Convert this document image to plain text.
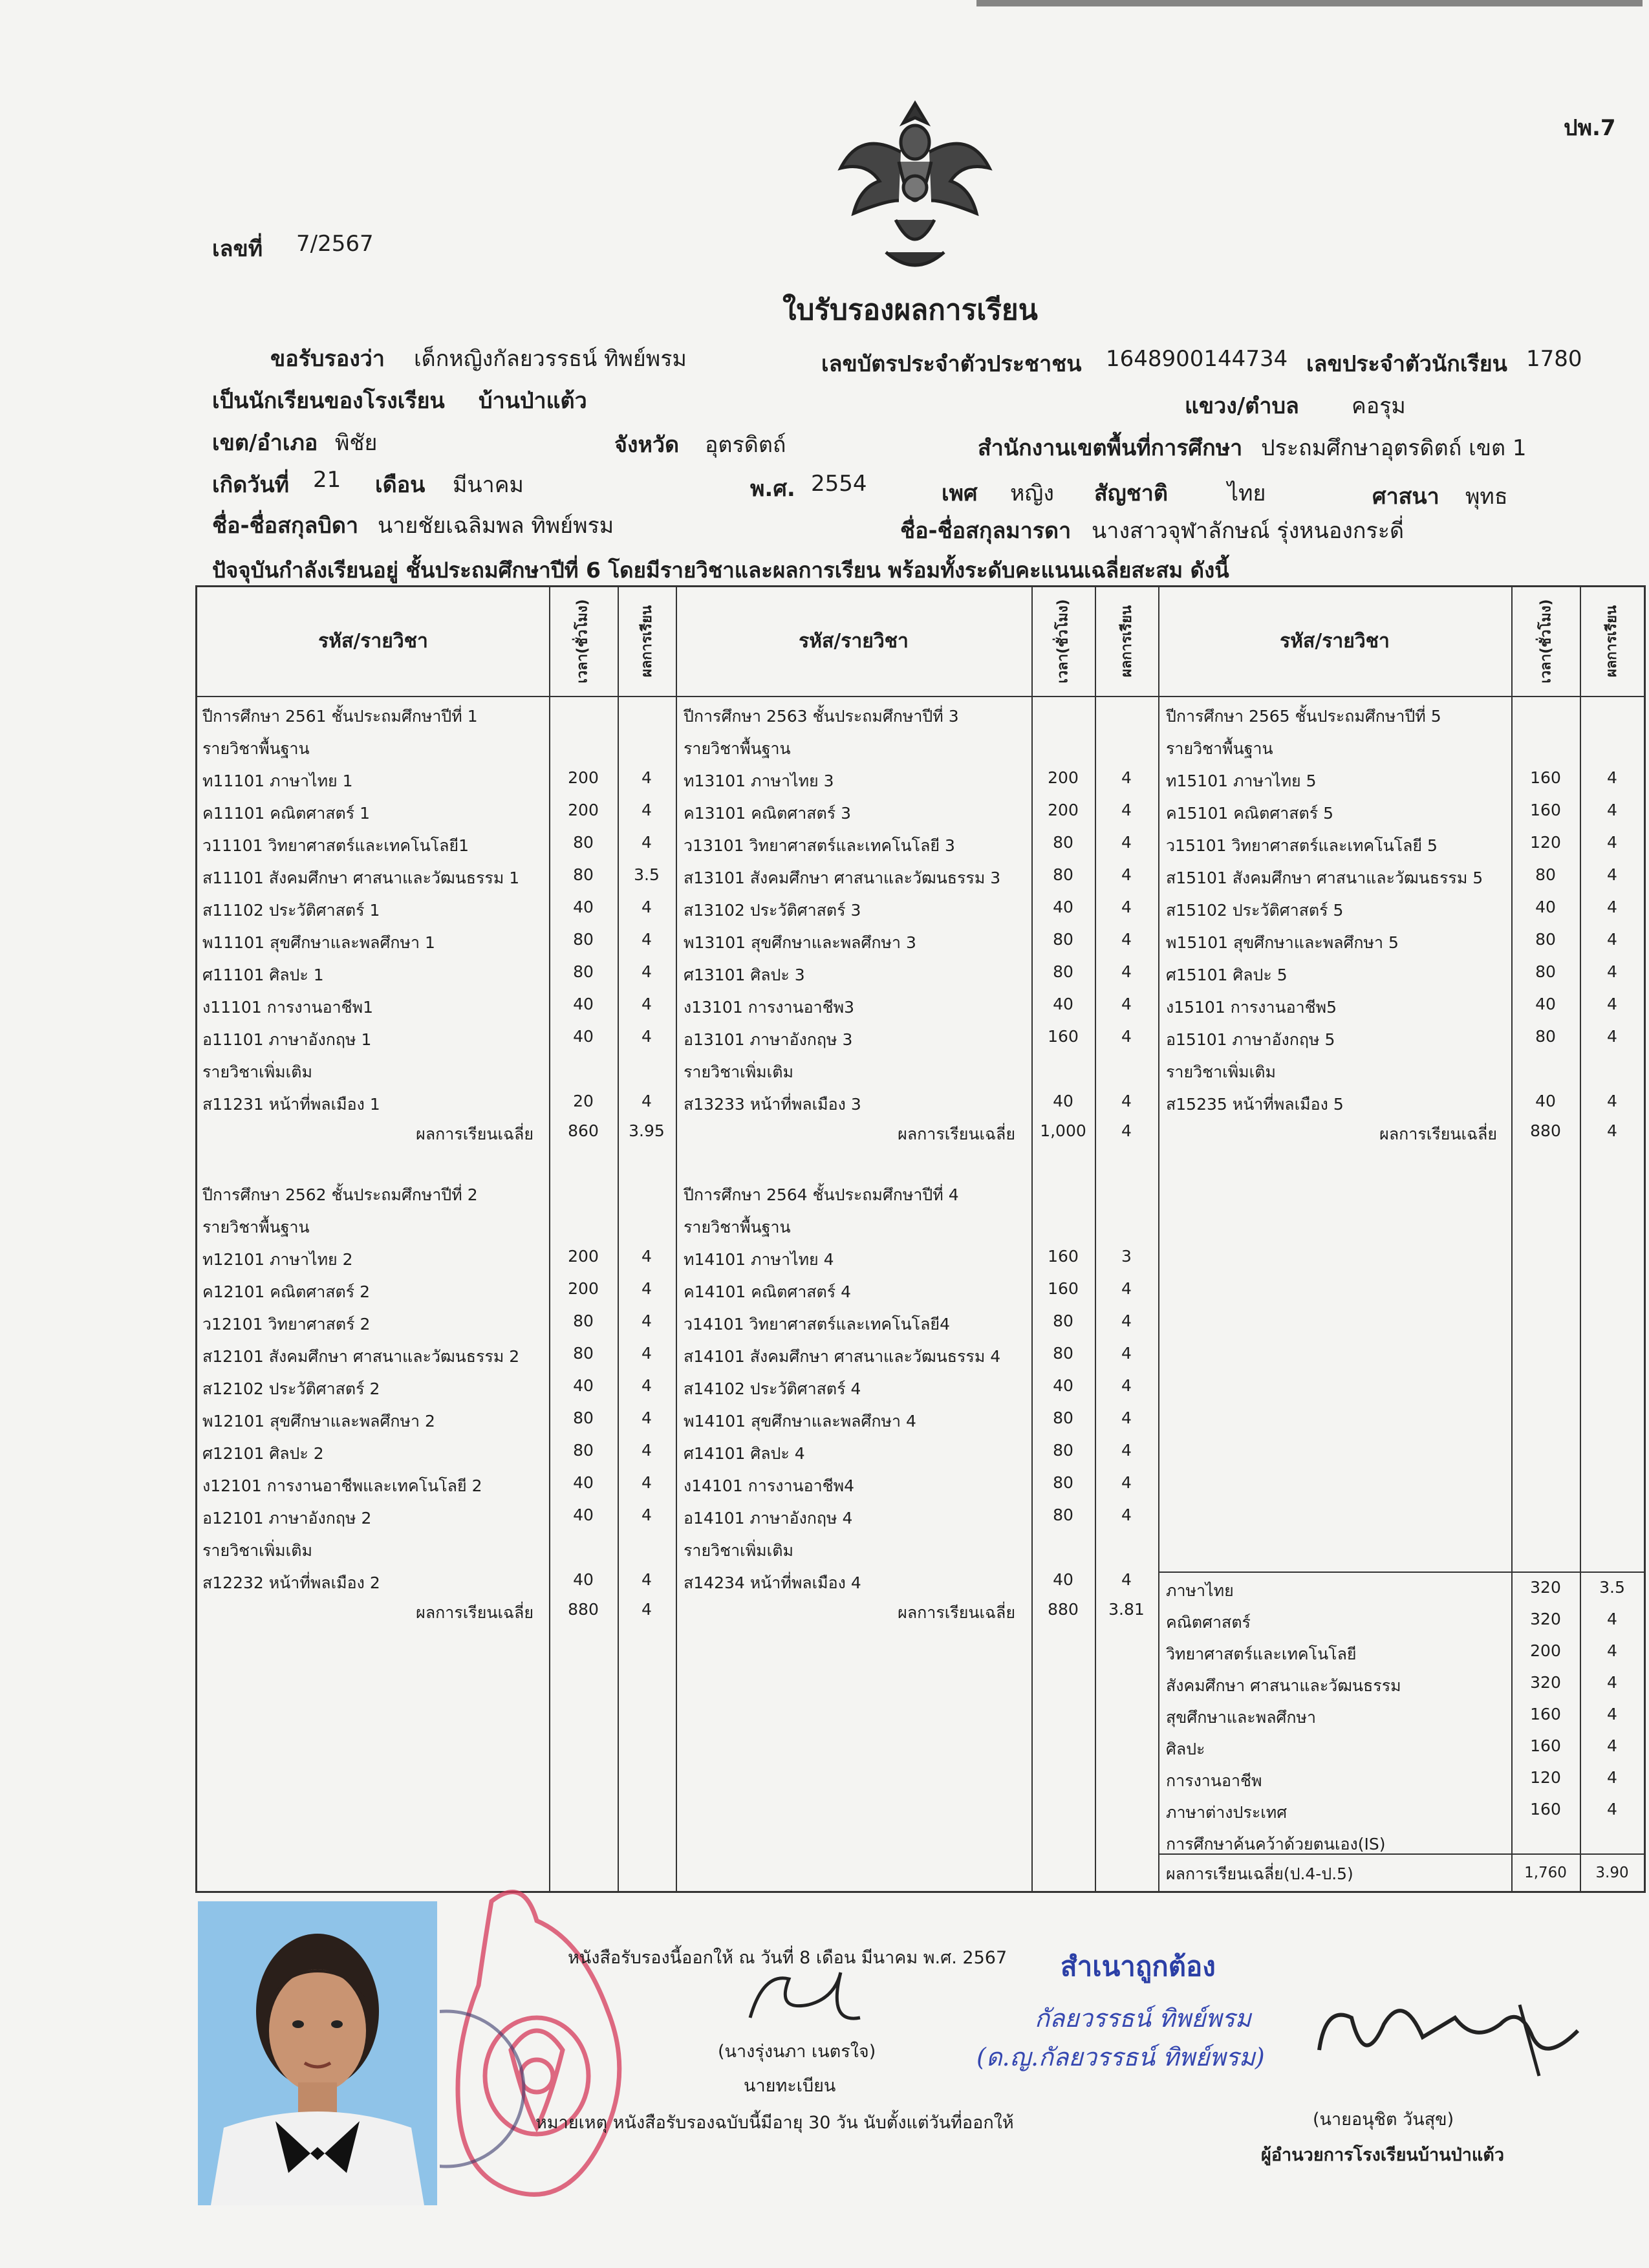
ปพ.7
เลขที่ 7/2567
ใบรับรองผลการเรียน
ขอรับรองว่า เด็กหญิงกัลยวรรธน์ ทิพย์พรม	เลขบัตรประจำตัวประชาชน 1648900144734 เลขประจำตัวนักเรียน 1780
เป็นนักเรียนของโรงเรียน บ้านป่าแต้ว	แขวง/ตำบล คอรุม
เขต/อำเภอ พิชัย	จังหวัด อุตรดิตถ์	สำนักงานเขตพื้นที่การศึกษา ประถมศึกษาอุตรดิตถ์ เขต 1
เกิดวันที่ 21 เดือน มีนาคม	พ.ศ. 2554	เพศ หญิง สัญชาติ	ไทย	ศาสนา พุทธ
ชื่อ-ชื่อสกุลบิดา นายชัยเฉลิมพล ทิพย์พรม	ชื่อ-ชื่อสกุลมารดา นางสาวจุฬาลักษณ์ รุ่งหนองกระดี่
ปัจจุบันกำลังเรียนอยู่ ชั้นประถมศึกษาปีที่ 6 โดยมีรายวิชาและผลการเรียน พร้อมทั้งระดับคะแนนเฉลี่ยสะสม ดังนี้
รหัส/รายวิชา	เวลา(ชั่วโมง)	ผลการเรียน	รหัส/รายวิชา	เวลา(ชั่วโมง)	ผลการเรียน	รหัส/รายวิชา	เวลา(ชั่วโมง)	ผลการเรียน
ปีการศึกษา 2561 ชั้นประถมศึกษาปีที่ 1
รายวิชาพื้นฐาน
ท11101 ภาษาไทย 1	200	4
ค11101 คณิตศาสตร์ 1	200	4
ว11101 วิทยาศาสตร์และเทคโนโลยี1	80	4
ส11101 สังคมศึกษา ศาสนาและวัฒนธรรม 1	80	3.5
ส11102 ประวัติศาสตร์ 1	40	4
พ11101 สุขศึกษาและพลศึกษา 1	80	4
ศ11101 ศิลปะ 1	80	4
ง11101 การงานอาชีพ1	40	4
อ11101 ภาษาอังกฤษ 1	40	4
รายวิชาเพิ่มเติม
ส11231 หน้าที่พลเมือง 1	20	4
ผลการเรียนเฉลี่ย	860	3.95
ปีการศึกษา 2562 ชั้นประถมศึกษาปีที่ 2
รายวิชาพื้นฐาน
ท12101 ภาษาไทย 2	200	4
ค12101 คณิตศาสตร์ 2	200	4
ว12101 วิทยาศาสตร์ 2	80	4
ส12101 สังคมศึกษา ศาสนาและวัฒนธรรม 2	80	4
ส12102 ประวัติศาสตร์ 2	40	4
พ12101 สุขศึกษาและพลศึกษา 2	80	4
ศ12101 ศิลปะ 2	80	4
ง12101 การงานอาชีพและเทคโนโลยี 2	40	4
อ12101 ภาษาอังกฤษ 2	40	4
รายวิชาเพิ่มเติม
ส12232 หน้าที่พลเมือง 2	40	4
ผลการเรียนเฉลี่ย	880	4
ปีการศึกษา 2563 ชั้นประถมศึกษาปีที่ 3
รายวิชาพื้นฐาน
ท13101 ภาษาไทย 3	200	4
ค13101 คณิตศาสตร์ 3	200	4
ว13101 วิทยาศาสตร์และเทคโนโลยี 3	80	4
ส13101 สังคมศึกษา ศาสนาและวัฒนธรรม 3	80	4
ส13102 ประวัติศาสตร์ 3	40	4
พ13101 สุขศึกษาและพลศึกษา 3	80	4
ศ13101 ศิลปะ 3	80	4
ง13101 การงานอาชีพ3	40	4
อ13101 ภาษาอังกฤษ 3	160	4
รายวิชาเพิ่มเติม
ส13233 หน้าที่พลเมือง 3	40	4
ผลการเรียนเฉลี่ย	1,000	4
ปีการศึกษา 2564 ชั้นประถมศึกษาปีที่ 4
รายวิชาพื้นฐาน
ท14101 ภาษาไทย 4	160	3
ค14101 คณิตศาสตร์ 4	160	4
ว14101 วิทยาศาสตร์และเทคโนโลยี4	80	4
ส14101 สังคมศึกษา ศาสนาและวัฒนธรรม 4	80	4
ส14102 ประวัติศาสตร์ 4	40	4
พ14101 สุขศึกษาและพลศึกษา 4	80	4
ศ14101 ศิลปะ 4	80	4
ง14101 การงานอาชีพ4	80	4
อ14101 ภาษาอังกฤษ 4	80	4
รายวิชาเพิ่มเติม
ส14234 หน้าที่พลเมือง 4	40	4
ผลการเรียนเฉลี่ย	880	3.81
ปีการศึกษา 2565 ชั้นประถมศึกษาปีที่ 5
รายวิชาพื้นฐาน
ท15101 ภาษาไทย 5	160	4
ค15101 คณิตศาสตร์ 5	160	4
ว15101 วิทยาศาสตร์และเทคโนโลยี 5	120	4
ส15101 สังคมศึกษา ศาสนาและวัฒนธรรม 5	80	4
ส15102 ประวัติศาสตร์ 5	40	4
พ15101 สุขศึกษาและพลศึกษา 5	80	4
ศ15101 ศิลปะ 5	80	4
ง15101 การงานอาชีพ5	40	4
อ15101 ภาษาอังกฤษ 5	80	4
รายวิชาเพิ่มเติม
ส15235 หน้าที่พลเมือง 5	40	4
ผลการเรียนเฉลี่ย	880	4
ภาษาไทย	320	3.5
คณิตศาสตร์	320	4
วิทยาศาสตร์และเทคโนโลยี	200	4
สังคมศึกษา ศาสนาและวัฒนธรรม	320	4
สุขศึกษาและพลศึกษา	160	4
ศิลปะ	160	4
การงานอาชีพ	120	4
ภาษาต่างประเทศ	160	4
การศึกษาค้นคว้าด้วยตนเอง(IS)
ผลการเรียนเฉลี่ย(ป.4-ป.5)	1,760	3.90
หนังสือรับรองนี้ออกให้ ณ วันที่ 8 เดือน มีนาคม พ.ศ. 2567 สำเนาถูกต้อง
กัลยวรรธน์ ทิพย์พรม
(ด.ญ.กัลยวรรธน์ ทิพย์พรม)
(นางรุ่งนภา เนตรใจ)
นายทะเบียน
หมายเหตุ หนังสือรับรองฉบับนี้มีอายุ 30 วัน นับตั้งแต่วันที่ออกให้	(นายอนุชิต วันสุข)
ผู้อำนวยการโรงเรียนบ้านป่าแต้ว
